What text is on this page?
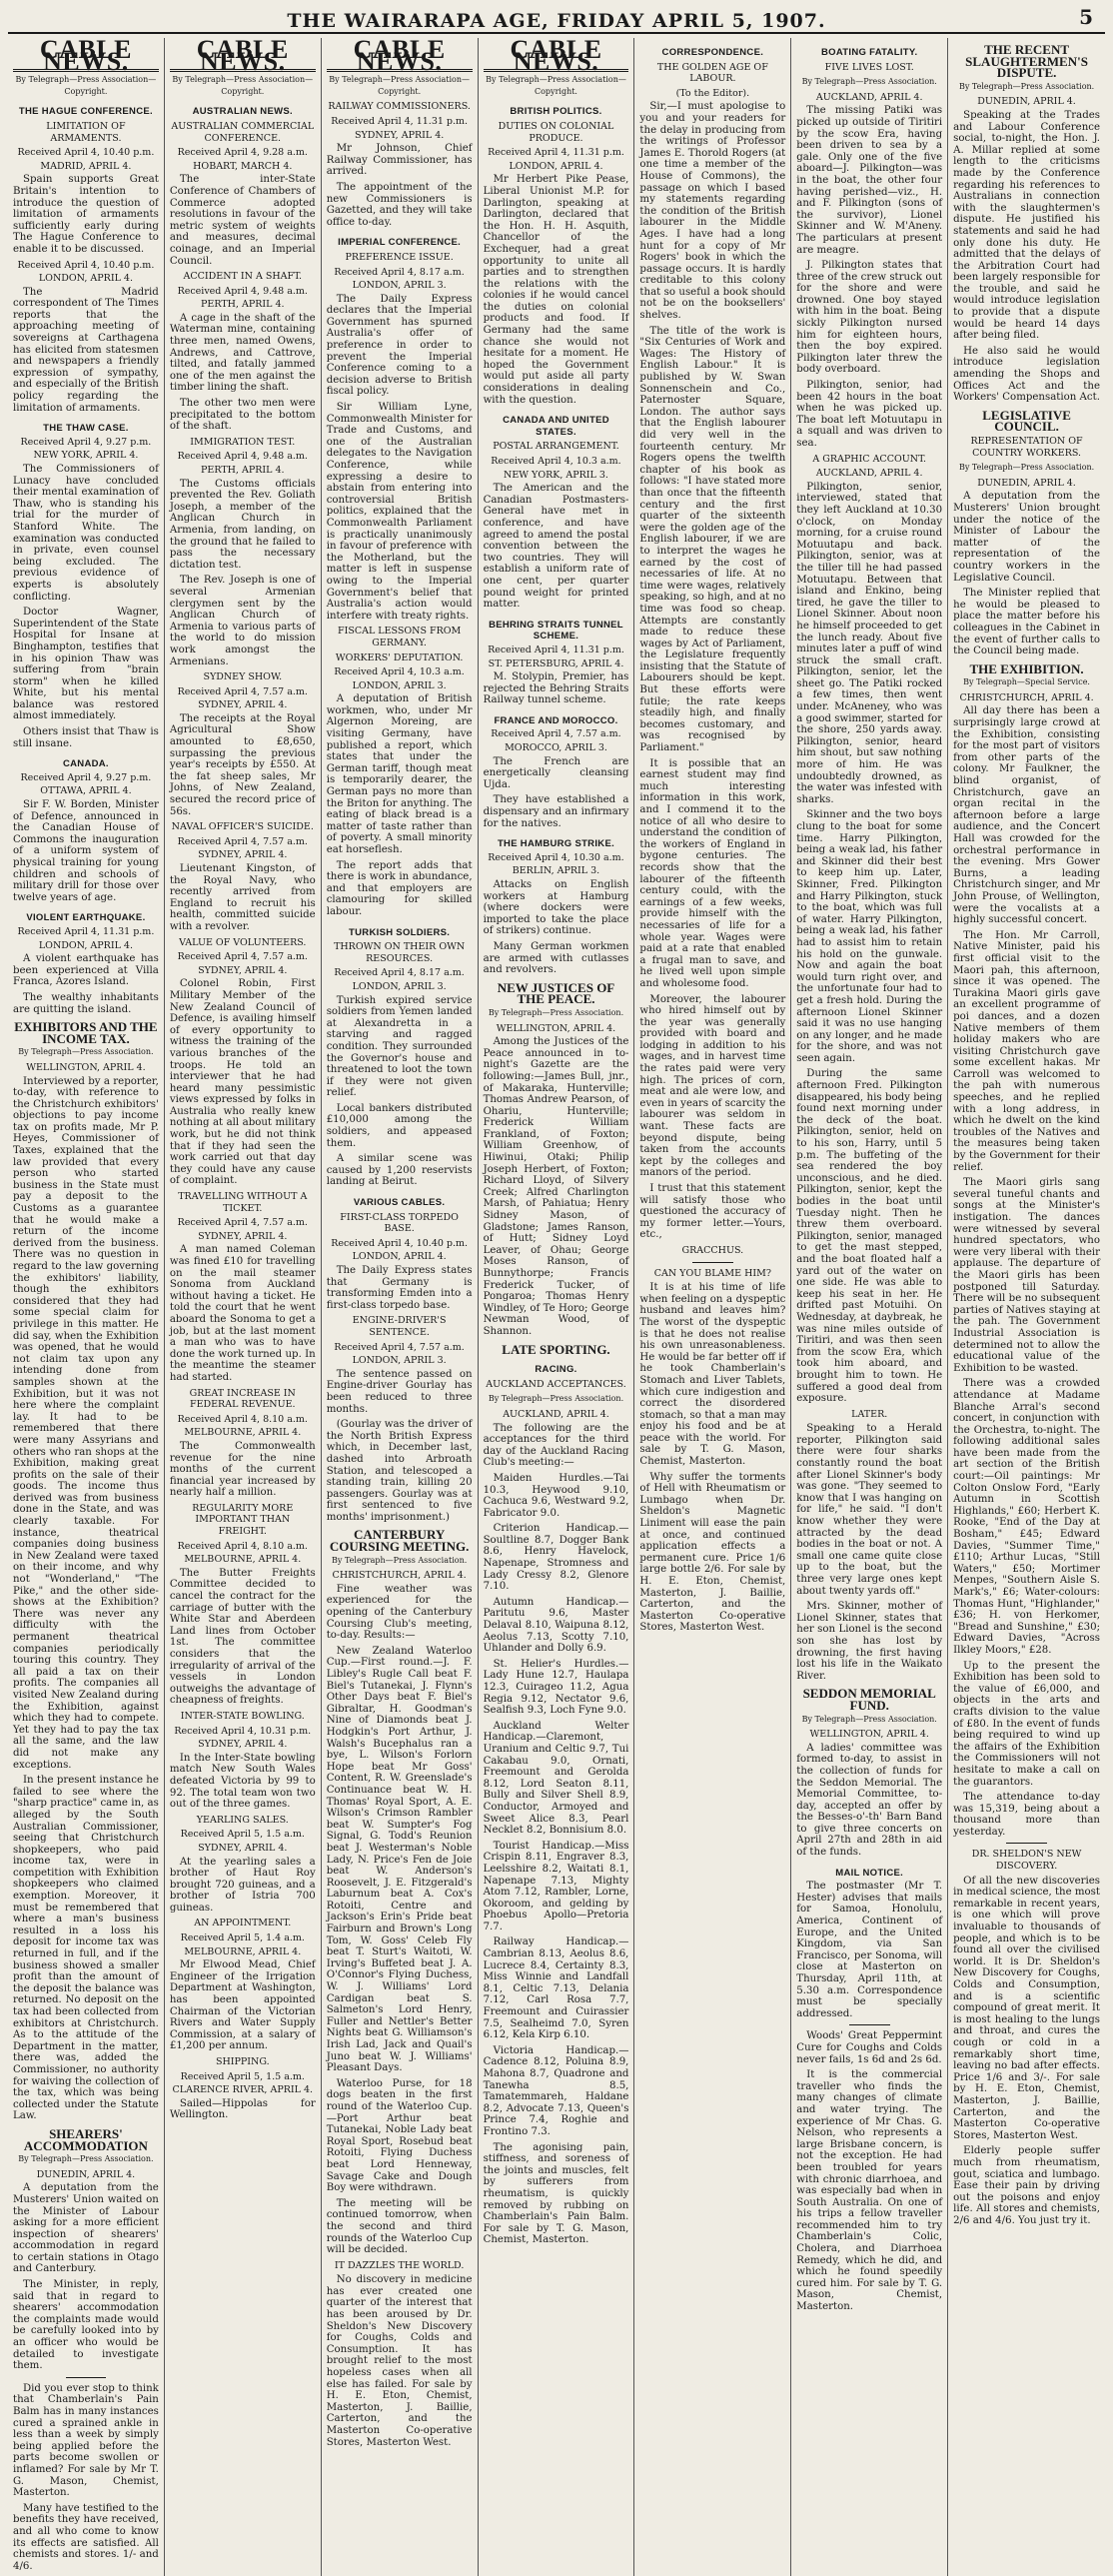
THE WAIRARAPA AGE, FRIDAY APRIL 5, 1907.	5
CABLE NEWS.
By Telegraph—Press Association—Copyright.
THE HAGUE CONFERENCE.
LIMITATION OF ARMAMENTS.
Received April 4, 10.40 p.m.
MADRID, APRIL 4.

Spain supports Great Britain's intention to introduce the question of limitation of armaments sufficiently early during The Hague Conference to enable it to be discussed.

Received April 4, 10.40 p.m.
LONDON, APRIL 4.

The Madrid correspondent of The Times reports that the approaching meeting of sovereigns at Carthagena has elicited from statesmen and newspapers a friendly expression of sympathy, and especially of the British policy regarding the limitation of armaments.

THE THAW CASE.
Received April 4, 9.27 p.m.
NEW YORK, APRIL 4.

The Commissioners of Lunacy have concluded their mental examination of Thaw, who is standing his trial for the murder of Stanford White. The examination was conducted in private, even counsel being excluded. The previous evidence of experts is absolutely conflicting.

Doctor Wagner, Superintendent of the State Hospital for Insane at Binghampton, testifies that in his opinion Thaw was suffering from "brain storm" when he killed White, but his mental balance was restored almost immediately.

Others insist that Thaw is still insane.

CANADA.
Received April 4, 9.27 p.m.
OTTAWA, APRIL 4.

Sir F. W. Borden, Minister of Defence, announced in the Canadian House of Commons the inauguration of a uniform system of physical training for young children and schools of military drill for those over twelve years of age.

VIOLENT EARTHQUAKE.
Received April 4, 11.31 p.m.
LONDON, APRIL 4.

A violent earthquake has been experienced at Villa Franca, Azores Island.

The wealthy inhabitants are quitting the island.

EXHIBITORS AND THE INCOME TAX.
By Telegraph—Press Association.
WELLINGTON, APRIL 4.

Interviewed by a reporter, to-day, with reference to the Christchurch exhibitors' objections to pay income tax on profits made, Mr P. Heyes, Commissioner of Taxes, explained that the law provided that every person who started business in the State must pay a deposit to the Customs as a guarantee that he would make a return of the income derived from the business. There was no question in regard to the law governing the exhibitors' liability, though the exhibitors considered that they had some special claim for privilege in this matter. He did say, when the Exhibition was opened, that he would not claim tax upon any intending done from samples shown at the Exhibition, but it was not here where the complaint lay. It had to be remembered that there were many Assyrians and others who ran shops at the Exhibition, making great profits on the sale of their goods. The income thus derived was from business done in the State, and was clearly taxable. For instance, theatrical companies doing business in New Zealand were taxed on their income, and why not "Wonderland," "The Pike," and the other side-shows at the Exhibition? There was never any difficulty with the permanent theatrical companies periodically touring this country. They all paid a tax on their profits. The companies all visited New Zealand during the Exhibition, against which they had to compete. Yet they had to pay the tax all the same, and the law did not make any exceptions.

In the present instance he failed to see where the "sharp practice" came in, as alleged by the South Australian Commissioner, seeing that Christchurch shopkeepers, who paid income tax, were in competition with Exhibition shopkeepers who claimed exemption. Moreover, it must be remembered that where a man's business resulted in a loss his deposit for income tax was returned in full, and if the business showed a smaller profit than the amount of the deposit the balance was returned. No deposit on the tax had been collected from exhibitors at Christchurch. As to the attitude of the Department in the matter, there was, added the Commissioner, no authority for waiving the collection of the tax, which was being collected under the Statute Law.

SHEARERS' ACCOMMODATION
By Telegraph—Press Association.
DUNEDIN, APRIL 4.

A deputation from the Musterers' Union waited on the Minister of Labour asking for a more efficient inspection of shearers' accommodation in regard to certain stations in Otago and Canterbury.

The Minister, in reply, said that in regard to shearers' accommodation the complaints made would be carefully looked into by an officer who would be detailed to investigate them.

Did you ever stop to think that Chamberlain's Pain Balm has in many instances cured a sprained ankle in less than a week by simply being applied before the parts become swollen or inflamed? For sale by Mr T. G. Mason, Chemist, Masterton.

Many have testified to the benefits they have received, and all who come to know its effects are satisfied. All chemists and stores. 1/- and 4/6.

CABLE NEWS.
By Telegraph—Press Association—Copyright.
AUSTRALIAN NEWS.
AUSTRALIAN COMMERCIAL CONFERENCE.
Received April 4, 9.28 a.m.
HOBART, MARCH 4.

The inter-State Conference of Chambers of Commerce adopted resolutions in favour of the metric system of weights and measures, decimal coinage, and an Imperial Council.

ACCIDENT IN A SHAFT.
Received April 4, 9.48 a.m.
PERTH, APRIL 4.

A cage in the shaft of the Waterman mine, containing three men, named Owens, Andrews, and Cattrove, tilted, and fatally jammed one of the men against the timber lining the shaft.

The other two men were precipitated to the bottom of the shaft.

IMMIGRATION TEST.
Received April 4, 9.48 a.m.
PERTH, APRIL 4.

The Customs officials prevented the Rev. Goliath Joseph, a member of the Anglican Church in Armenia, from landing, on the ground that he failed to pass the necessary dictation test.

The Rev. Joseph is one of several Armenian clergymen sent by the Anglican Church of Armenia to various parts of the world to do mission work amongst the Armenians.

SYDNEY SHOW.
Received April 4, 7.57 a.m.
SYDNEY, APRIL 4.

The receipts at the Royal Agricultural Show amounted to £8,650, surpassing the previous year's receipts by £550. At the fat sheep sales, Mr Johns, of New Zealand, secured the record price of 56s.

NAVAL OFFICER'S SUICIDE.
Received April 4, 7.57 a.m.
SYDNEY, APRIL 4.

Lieutenant Kingston, of the Royal Navy, who recently arrived from England to recruit his health, committed suicide with a revolver.

VALUE OF VOLUNTEERS.
Received April 4, 7.57 a.m.
SYDNEY, APRIL 4.

Colonel Robin, First Military Member of the New Zealand Council of Defence, is availing himself of every opportunity to witness the training of the various branches of the troops. He told an interviewer that he had heard many pessimistic views expressed by folks in Australia who really knew nothing at all about military work, but he did not think that if they had seen the work carried out that day they could have any cause of complaint.

TRAVELLING WITHOUT A TICKET.
Received April 4, 7.57 a.m.
SYDNEY, APRIL 4.

A man named Coleman was fined £10 for travelling on the mail steamer Sonoma from Auckland without having a ticket. He told the court that he went aboard the Sonoma to get a job, but at the last moment a man who was to have done the work turned up. In the meantime the steamer had started.

GREAT INCREASE IN FEDERAL REVENUE.
Received April 4, 8.10 a.m.
MELBOURNE, APRIL 4.

The Commonwealth revenue for the nine months of the current financial year increased by nearly half a million.

REGULARITY MORE IMPORTANT THAN FREIGHT.
Received April 4, 8.10 a.m.
MELBOURNE, APRIL 4.

The Butter Freights Committee decided to cancel the contract for the carriage of butter with the White Star and Aberdeen Land lines from October 1st. The committee considers that the irregularity of arrival of the vessels in London outweighs the advantage of cheapness of freights.

INTER-STATE BOWLING.
Received April 4, 10.31 p.m.
SYDNEY, APRIL 4.

In the Inter-State bowling match New South Wales defeated Victoria by 99 to 92. The total team won two out of the three games.

YEARLING SALES.
Received April 5, 1.5 a.m.
SYDNEY, APRIL 4.

At the yearling sales a brother of Haut Roy brought 720 guineas, and a brother of Istria 700 guineas.

AN APPOINTMENT.
Received April 5, 1.4 a.m.
MELBOURNE, APRIL 4.

Mr Elwood Mead, Chief Engineer of the Irrigation Department at Washington, has been appointed Chairman of the Victorian Rivers and Water Supply Commission, at a salary of £1,200 per annum.

SHIPPING.
Received April 5, 1.5 a.m.
CLARENCE RIVER, APRIL 4.

Sailed—Hippolas for Wellington.

CABLE NEWS.
By Telegraph—Press Association—Copyright.
RAILWAY COMMISSIONERS.
Received April 4, 11.31 p.m.
SYDNEY, APRIL 4.

Mr Johnson, Chief Railway Commissioner, has arrived.

The appointment of the new Commissioners is Gazetted, and they will take office to-day.

IMPERIAL CONFERENCE.
PREFERENCE ISSUE.
Received April 4, 8.17 a.m.
LONDON, APRIL 3.

The Daily Express declares that the Imperial Government has spurned Australia's offer of preference in order to prevent the Imperial Conference coming to a decision adverse to British fiscal policy.

Sir William Lyne, Commonwealth Minister for Trade and Customs, and one of the Australian delegates to the Navigation Conference, while expressing a desire to abstain from entering into controversial British politics, explained that the Commonwealth Parliament is practically unanimously in favour of preference with the Motherland, but the matter is left in suspense owing to the Imperial Government's belief that Australia's action would interfere with treaty rights.

FISCAL LESSONS FROM GERMANY.
WORKERS' DEPUTATION.
Received April 4, 10.3 a.m.
LONDON, APRIL 3.

A deputation of British workmen, who, under Mr Algernon Moreing, are visiting Germany, have published a report, which states that under the German tariff, though meat is temporarily dearer, the German pays no more than the Briton for anything. The eating of black bread is a matter of taste rather than of poverty. A small minority eat horseflesh.

The report adds that there is work in abundance, and that employers are clamouring for skilled labour.

TURKISH SOLDIERS.
THROWN ON THEIR OWN RESOURCES.
Received April 4, 8.17 a.m.
LONDON, APRIL 3.

Turkish expired service soldiers from Yemen landed at Alexandretta in a starving and ragged condition. They surrounded the Governor's house and threatened to loot the town if they were not given relief.

Local bankers distributed £10,000 among the soldiers, and appeased them.

A similar scene was caused by 1,200 reservists landing at Beirut.

VARIOUS CABLES.
FIRST-CLASS TORPEDO BASE.
Received April 4, 10.40 p.m.
LONDON, APRIL 4.

The Daily Express states that Germany is transforming Emden into a first-class torpedo base.

ENGINE-DRIVER'S SENTENCE.
Received April 4, 7.57 a.m.
LONDON, APRIL 3.

The sentence passed on Engine-driver Gourlay has been reduced to three months.

(Gourlay was the driver of the North British Express which, in December last, dashed into Arbroath Station, and telescoped a standing train, killing 20 passengers. Gourlay was at first sentenced to five months' imprisonment.)

CANTERBURY COURSING MEETING.
By Telegraph—Press Association.
CHRISTCHURCH, APRIL 4.

Fine weather was experienced for the opening of the Canterbury Coursing Club's meeting, to-day. Results:—

New Zealand Waterloo Cup.—First round.—J. F. Libley's Rugle Call beat F. Biel's Tutanekai, J. Flynn's Other Days beat F. Biel's Gibraltar, H. Goodman's Nine of Diamonds beat J. Hodgkin's Port Arthur, J. Walsh's Bucephalus ran a bye, L. Wilson's Forlorn Hope beat Mr Goss' Content, R. W. Greenslade's Continuance beat W. H. Thomas' Royal Sport, A. E. Wilson's Crimson Rambler beat W. Sumpter's Fog Signal, G. Todd's Reunion beat J. Westerman's Noble Lady, N. Price's Fen de Joie beat W. Anderson's Roosevelt, J. E. Fitzgerald's Laburnum beat A. Cox's Rotoiti, Centre and Jackson's Erin's Pride beat Fairburn and Brown's Long Tom, W. Goss' Celeb Fly beat T. Sturt's Waitoti, W. Irving's Buffeted beat J. A. O'Connor's Flying Duchess, W. J. Williams' Lord Cardigan beat S. Salmeton's Lord Henry, Fuller and Nettler's Better Nights beat G. Williamson's Irish Lad, Jack and Quail's Juno beat W. J. Williams' Pleasant Days.

Waterloo Purse, for 18 dogs beaten in the first round of the Waterloo Cup.—Port Arthur beat Tutanekai, Noble Lady beat Royal Sport, Rosebud beat Rotoiti, Flying Duchess beat Lord Henneway, Savage Cake and Dough Boy were withdrawn.

The meeting will be continued tomorrow, when the second and third rounds of the Waterloo Cup will be decided.

IT DAZZLES THE WORLD.

No discovery in medicine has ever created one quarter of the interest that has been aroused by Dr. Sheldon's New Discovery for Coughs, Colds and Consumption. It has brought relief to the most hopeless cases when all else has failed. For sale by H. E. Eton, Chemist, Masterton, J. Baillie, Carterton, and the Masterton Co-operative Stores, Masterton West.

CABLE NEWS.
By Telegraph—Press Association—Copyright.
BRITISH POLITICS.
DUTIES ON COLONIAL PRODUCE.
Received April 4, 11.31 p.m.
LONDON, APRIL 4.

Mr Herbert Pike Pease, Liberal Unionist M.P. for Darlington, speaking at Darlington, declared that the Hon. H. H. Asquith, Chancellor of the Exchequer, had a great opportunity to unite all parties and to strengthen the relations with the colonies if he would cancel the duties on colonial products and food. If Germany had the same chance she would not hesitate for a moment. He hoped the Government would put aside all party considerations in dealing with the question.

CANADA AND UNITED STATES.
POSTAL ARRANGEMENT.
Received April 4, 10.3 a.m.
NEW YORK, APRIL 3.

The American and the Canadian Postmasters-General have met in conference, and have agreed to amend the postal convention between the two countries. They will establish a uniform rate of one cent, per quarter pound weight for printed matter.

BEHRING STRAITS TUNNEL SCHEME.
Received April 4, 11.31 p.m.
ST. PETERSBURG, APRIL 4.

M. Stolypin, Premier, has rejected the Behring Straits Railway tunnel scheme.

FRANCE AND MOROCCO.
Received April 4, 7.57 a.m.
MOROCCO, APRIL 3.

The French are energetically cleansing Ujda.

They have established a dispensary and an infirmary for the natives.

THE HAMBURG STRIKE.
Received April 4, 10.30 a.m.
BERLIN, APRIL 3.

Attacks on English workers at Hamburg (where dockers were imported to take the place of strikers) continue.

Many German workmen are armed with cutlasses and revolvers.

NEW JUSTICES OF THE PEACE.
By Telegraph—Press Association.
WELLINGTON, APRIL 4.

Among the Justices of the Peace announced in to-night's Gazette are the following:—James Bull, jnr., of Makaraka, Hunterville; Thomas Andrew Pearson, of Ohariu, Hunterville; Frederick William Frankland, of Foxton; William Greenhow, of Hiwinui, Otaki; Philip Joseph Herbert, of Foxton; Richard Lloyd, of Silvery Creek; Alfred Charlington Marsh, of Pahiatua; Henry Sidney Mason, of Gladstone; James Ranson, of Hutt; Sidney Loyd Leaver, of Ohau; George Moses Ranson, of Bunnythorpe; Francis Frederick Tucker, of Pongaroa; Thomas Henry Windley, of Te Horo; George Newman Wood, of Shannon.

LATE SPORTING.
RACING.
AUCKLAND ACCEPTANCES.
By Telegraph—Press Association.
AUCKLAND, APRIL 4.

The following are the acceptances for the third day of the Auckland Racing Club's meeting:—

Maiden Hurdles.—Tai 10.3, Heywood 9.10, Cachuca 9.6, Westward 9.2, Fabricator 9.0.

Criterion Handicap.—Soultline 8.7, Dogger Bank 8.6, Henry Havelock, Napenape, Stromness and Lady Cressy 8.2, Glenore 7.10.

Autumn Handicap.—Paritutu 9.6, Master Delaval 8.10, Waipuna 8.12, Aeolus 7.13, Scotty 7.10, Uhlander and Dolly 6.9.

St. Helier's Hurdles.—Lady Hune 12.7, Haulapa 12.3, Cuirageo 11.2, Agua Regia 9.12, Nectator 9.6, Sealfish 9.3, Loch Fyne 9.0.

Auckland Welter Handicap.—Claremont, Uranium and Celtic 9.7, Tui Cakabau 9.0, Ornati, Freemount and Gerolda 8.12, Lord Seaton 8.11, Bully and Silver Shell 8.9, Conductor, Armoyed and Sweet Alice 8.3, Pearl Necklet 8.2, Bonnisium 8.0.

Tourist Handicap.—Miss Crispin 8.11, Engraver 8.3, Leelsshire 8.2, Waitati 8.1, Napenape 7.13, Mighty Atom 7.12, Rambler, Lorne, Okoroom, and gelding by Phoebus Apollo—Pretoria 7.7.

Railway Handicap.—Cambrian 8.13, Aeolus 8.6, Lucrece 8.4, Certainty 8.3, Miss Winnie and Landfall 8.1, Celtic 7.13, Delania 7.12, Carl Rosa 7.7, Freemount and Cuirassier 7.5, Sealheimd 7.0, Syren 6.12, Kela Kirp 6.10.

Victoria Handicap.—Cadence 8.12, Poluina 8.9, Mahona 8.7, Quadrone and Tanewha 8.5, Tamatemmareh, Haldane 8.2, Advocate 7.13, Queen's Prince 7.4, Roghie and Frontino 7.3.

The agonising pain, stiffness, and soreness of the joints and muscles, felt by sufferers from rheumatism, is quickly removed by rubbing on Chamberlain's Pain Balm. For sale by T. G. Mason, Chemist, Masterton.

CORRESPONDENCE.
THE GOLDEN AGE OF LABOUR.
(To the Editor).

Sir,—I must apologise to you and your readers for the delay in producing from the writings of Professor James E. Thorold Rogers (at one time a member of the House of Commons), the passage on which I based my statements regarding the condition of the British labourer in the Middle Ages. I have had a long hunt for a copy of Mr Rogers' book in which the passage occurs. It is hardly creditable to this colony that so useful a book should not be on the booksellers' shelves.

The title of the work is "Six Centuries of Work and Wages: The History of English Labour." It is published by W. Swan Sonnenschein and Co., Paternoster Square, London. The author says that the English labourer did very well in the fourteenth century. Mr Rogers opens the twelfth chapter of his book as follows: "I have stated more than once that the fifteenth century and the first quarter of the sixteenth were the golden age of the English labourer, if we are to interpret the wages he earned by the cost of necessaries of life. At no time were wages, relatively speaking, so high, and at no time was food so cheap. Attempts are constantly made to reduce these wages by Act of Parliament, the Legislature frequently insisting that the Statute of Labourers should be kept. But these efforts were futile; the rate keeps steadily high, and finally becomes customary, and was recognised by Parliament."

It is possible that an earnest student may find much interesting information in this work, and I commend it to the notice of all who desire to understand the condition of the workers of England in bygone centuries. The records show that the labourer of the fifteenth century could, with the earnings of a few weeks, provide himself with the necessaries of life for a whole year. Wages were paid at a rate that enabled a frugal man to save, and he lived well upon simple and wholesome food.

Moreover, the labourer who hired himself out by the year was generally provided with board and lodging in addition to his wages, and in harvest time the rates paid were very high. The prices of corn, meat and ale were low, and even in years of scarcity the labourer was seldom in want. These facts are beyond dispute, being taken from the accounts kept by the colleges and manors of the period.

I trust that this statement will satisfy those who questioned the accuracy of my former letter.—Yours, etc.,

GRACCHUS.
CAN YOU BLAME HIM?

It is at his time of life when feeling on a dyspeptic husband and leaves him? The worst of the dyspeptic is that he does not realise his own unreasonableness. He would be far better off if he took Chamberlain's Stomach and Liver Tablets, which cure indigestion and correct the disordered stomach, so that a man may enjoy his food and be at peace with the world. For sale by T. G. Mason, Chemist, Masterton.

Why suffer the torments of Hell with Rheumatism or Lumbago when Dr. Sheldon's Magnetic Liniment will ease the pain at once, and continued application effects a permanent cure. Price 1/6 large bottle 2/6. For sale by H. E. Eton, Chemist, Masterton, J. Baillie, Carterton, and the Masterton Co-operative Stores, Masterton West.

BOATING FATALITY.
FIVE LIVES LOST.
By Telegraph—Press Association.
AUCKLAND, APRIL 4.

The missing Patiki was picked up outside of Tiritiri by the scow Era, having been driven to sea by a gale. Only one of the five aboard—J. Pilkington—was in the boat, the other four having perished—viz., H. and F. Pilkington (sons of the survivor), Lionel Skinner and W. M'Aneny. The particulars at present are meagre.

J. Pilkington states that three of the crew struck out for the shore and were drowned. One boy stayed with him in the boat. Being sickly Pilkington nursed him for eighteen hours, then the boy expired. Pilkington later threw the body overboard.

Pilkington, senior, had been 42 hours in the boat when he was picked up. The boat left Motuutapu in a squall and was driven to sea.

A GRAPHIC ACCOUNT.
AUCKLAND, APRIL 4.

Pilkington, senior, interviewed, stated that they left Auckland at 10.30 o'clock, on Monday morning, for a cruise round Motuutapu and back. Pilkington, senior, was at the tiller till he had passed Motuutapu. Between that island and Enkino, being tired, he gave the tiller to Lionel Skinner. About noon he himself proceeded to get the lunch ready. About five minutes later a puff of wind struck the small craft. Pilkington, senior, let the sheet go. The Patiki rocked a few times, then went under. McAneney, who was a good swimmer, started for the shore, 250 yards away. Pilkington, senior, heard him shout, but saw nothing more of him. He was undoubtedly drowned, as the water was infested with sharks.

Skinner and the two boys clung to the boat for some time. Harry Pilkington, being a weak lad, his father and Skinner did their best to keep him up. Later, Skinner, Fred. Pilkington and Harry Pilkington, stuck to the boat, which was full of water. Harry Pilkington, being a weak lad, his father had to assist him to retain his hold on the gunwale. Now and again the boat would turn right over, and the unfortunate four had to get a fresh hold. During the afternoon Lionel Skinner said it was no use hanging on any longer, and he made for the shore, and was not seen again.

During the same afternoon Fred. Pilkington disappeared, his body being found next morning under the deck of the boat. Pilkington, senior, held on to his son, Harry, until 5 p.m. The buffeting of the sea rendered the boy unconscious, and he died. Pilkington, senior, kept the bodies in the boat until Tuesday night. Then he threw them overboard. Pilkington, senior, managed to get the mast stepped, and the boat floated half a yard out of the water on one side. He was able to keep his seat in her. He drifted past Motuihi. On Wednesday, at daybreak, he was nine miles outside of Tiritiri, and was then seen from the scow Era, which took him aboard, and brought him to town. He suffered a good deal from exposure.

LATER.

Speaking to a Herald reporter, Pilkington said there were four sharks constantly round the boat after Lionel Skinner's body was gone. "They seemed to know that I was hanging on for life," he said. "I don't know whether they were attracted by the dead bodies in the boat or not. A small one came quite close up to the boat, but the three very large ones kept about twenty yards off."

Mrs. Skinner, mother of Lionel Skinner, states that her son Lionel is the second son she has lost by drowning, the first having lost his life in the Waikato River.

SEDDON MEMORIAL FUND.
By Telegraph—Press Association.
WELLINGTON, APRIL 4.

A ladies' committee was formed to-day, to assist in the collection of funds for the Seddon Memorial. The Memorial Committee, to-day, accepted an offer by the Besses-o'-th' Barn Band to give three concerts on April 27th and 28th in aid of the funds.

MAIL NOTICE.

The postmaster (Mr T. Hester) advises that mails for Samoa, Honolulu, America, Continent of Europe, and the United Kingdom, via San Francisco, per Sonoma, will close at Masterton on Thursday, April 11th, at 5.30 a.m. Correspondence must be specially addressed.

Woods' Great Peppermint Cure for Coughs and Colds never fails, 1s 6d and 2s 6d.

It is the commercial traveller who finds the many changes of climate and water trying. The experience of Mr Chas. G. Nelson, who represents a large Brisbane concern, is not the exception. He had been troubled for years with chronic diarrhoea, and was especially bad when in South Australia. On one of his trips a fellow traveller recommended him to try Chamberlain's Colic, Cholera, and Diarrhoea Remedy, which he did, and which he found speedily cured him. For sale by T. G. Mason, Chemist, Masterton.

THE RECENT SLAUGHTERMEN'S DISPUTE.
By Telegraph—Press Association.
DUNEDIN, APRIL 4.

Speaking at the Trades and Labour Conference social, to-night, the Hon. J. A. Millar replied at some length to the criticisms made by the Conference regarding his references to Australians in connection with the slaughtermen's dispute. He justified his statements and said he had only done his duty. He admitted that the delays of the Arbitration Court had been largely responsible for the trouble, and said he would introduce legislation to provide that a dispute would be heard 14 days after being filed.

He also said he would introduce legislation amending the Shops and Offices Act and the Workers' Compensation Act.

LEGISLATIVE COUNCIL.
REPRESENTATION OF COUNTRY WORKERS.
By Telegraph—Press Association.
DUNEDIN, APRIL 4.

A deputation from the Musterers' Union brought under the notice of the Minister of Labour the matter of the representation of the country workers in the Legislative Council.

The Minister replied that he would be pleased to place the matter before his colleagues in the Cabinet in the event of further calls to the Council being made.

THE EXHIBITION.
By Telegraph—Special Service.
CHRISTCHURCH, APRIL 4.

All day there has been a surprisingly large crowd at the Exhibition, consisting for the most part of visitors from other parts of the colony. Mr Faulkner, the blind organist, of Christchurch, gave an organ recital in the afternoon before a large audience, and the Concert Hall was crowded for the orchestral performance in the evening. Mrs Gower Burns, a leading Christchurch singer, and Mr John Prouse, of Wellington, were the vocalists at a highly successful concert.

The Hon. Mr Carroll, Native Minister, paid his first official visit to the Maori pah, this afternoon, since it was opened. The Turakina Maori girls gave an excellent programme of poi dances, and a dozen Native members of them holiday makers who are visiting Christchurch gave some excellent hakas. Mr Carroll was welcomed to the pah with numerous speeches, and he replied with a long address, in which he dwelt on the kind troubles of the Natives and the measures being taken by the Government for their relief.

The Maori girls sang several tuneful chants and songs at the Minister's instigation. The dances were witnessed by several hundred spectators, who were very liberal with their applause. The departure of the Maori girls has been postponed till Saturday. There will be no subsequent parties of Natives staying at the pah. The Government Industrial Association is determined not to allow the educational value of the Exhibition to be wasted.

There was a crowded attendance at Madame Blanche Arral's second concert, in conjunction with the Orchestra, to-night. The following additional sales have been made from the art section of the British court:—Oil paintings: Mr Colton Onslow Ford, "Early Autumn in Scottish Highlands," £60; Herbert K. Rooke, "End of the Day at Bosham," £45; Edward Davies, "Summer Time," £110; Arthur Lucas, "Still Waters," £50; Mortimer Menpes, "Southern Aisle S. Mark's," £6; Water-colours: Thomas Hunt, "Highlander," £36; H. von Herkomer, "Bread and Sunshine," £30; Edward Davies, "Across Ilkley Moors," £28.

Up to the present the Exhibition has been sold to the value of £6,000, and objects in the arts and crafts division to the value of £80. In the event of funds being required to wind up the affairs of the Exhibition the Commissioners will not hesitate to make a call on the guarantors.

The attendance to-day was 15,319, being about a thousand more than yesterday.

DR. SHELDON'S NEW DISCOVERY.

Of all the new discoveries in medical science, the most remarkable in recent years, is one which will prove invaluable to thousands of people, and which is to be found all over the civilised world. It is Dr. Sheldon's New Discovery for Coughs, Colds and Consumption, and is a scientific compound of great merit. It is most healing to the lungs and throat, and cures the cough or cold in a remarkably short time, leaving no bad after effects. Price 1/6 and 3/-. For sale by H. E. Eton, Chemist, Masterton, J. Baillie, Carterton, and the Masterton Co-operative Stores, Masterton West.

Elderly people suffer much from rheumatism, gout, sciatica and lumbago. Ease their pain by driving out the poisons and enjoy life. All stores and chemists, 2/6 and 4/6. You just try it.
